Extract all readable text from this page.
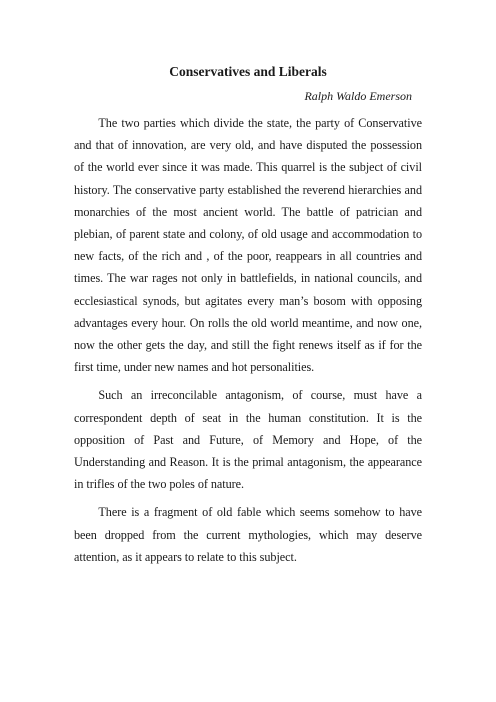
Conservatives and Liberals
Ralph Waldo Emerson

The two parties which divide the state, the party of Conservative and that of innovation, are very old, and have disputed the possession of the world ever since it was made. This quarrel is the subject of civil history. The conservative party established the reverend hierarchies and monarchies of the most ancient world. The battle of patrician and plebian, of parent state and colony, of old usage and accommodation to new facts, of the rich and , of the poor, reappears in all countries and times. The war rages not only in battlefields, in national councils, and ecclesiastical synods, but agitates every man’s bosom with opposing advantages every hour. On rolls the old world meantime, and now one, now the other gets the day, and still the fight renews itself as if for the first time, under new names and hot personalities.

Such an irreconcilable antagonism, of course, must have a correspondent depth of seat in the human constitution. It is the opposition of Past and Future, of Memory and Hope, of the Understanding and Reason. It is the primal antagonism, the appearance in trifles of the two poles of nature.

There is a fragment of old fable which seems somehow to have been dropped from the current mythologies, which may deserve attention, as it appears to relate to this subject.
